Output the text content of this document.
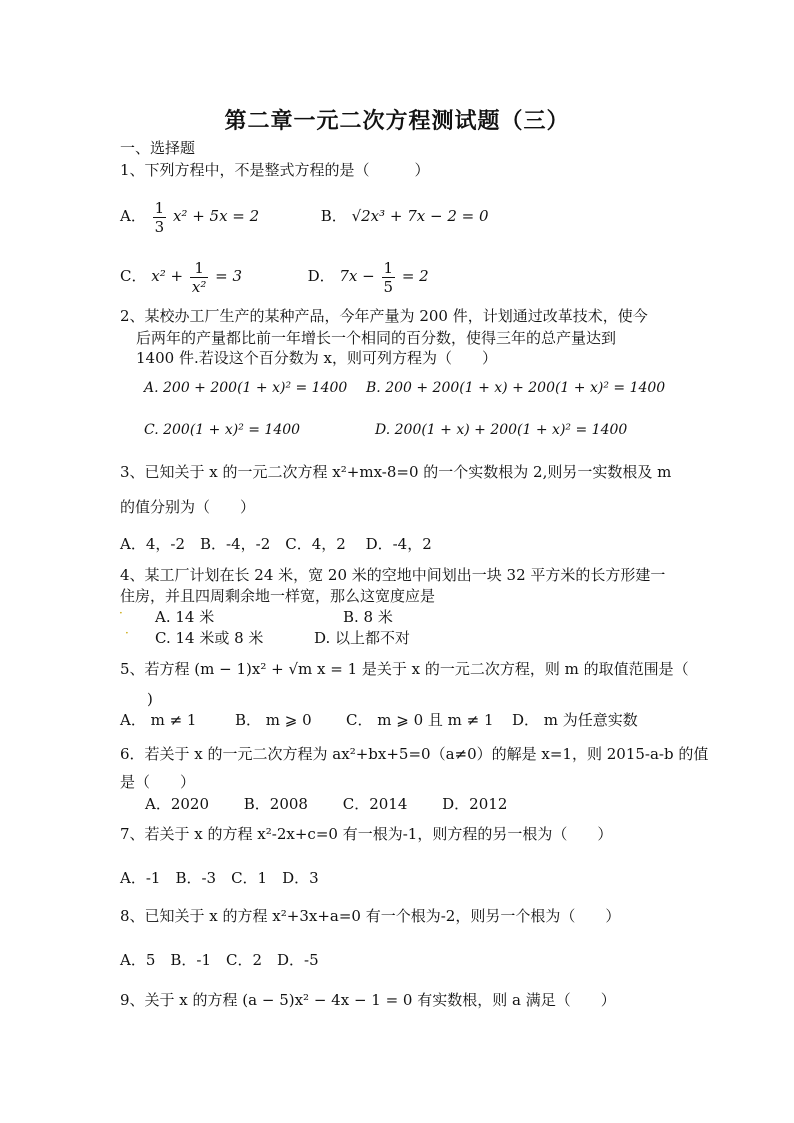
第二章一元二次方程测试题（三）
一、选择题
1、下列方程中，不是整式方程的是（　　　）
A． $\frac{1}{3} x^2 + 5x = 2$	B． √2x³ + 7x − 2 = 0
C． $x^2 + \frac{1}{\text{x²}} = 3$	D． $7x - \frac{1}{5} = 2$
2、某校办工厂生产的某种产品，今年产量为 200 件，计划通过改革技术，使今
后两年的产量都比前一年增长一个相同的百分数，使得三年的总产量达到
1400 件.若设这个百分数为 x，则可列方程为（　　）
A. 200 + 200(1 + x)² = 1400 B. 200 + 200(1 + x) + 200(1 + x)² = 1400
C. 200(1 + x)² = 1400	D. 200(1 + x) + 200(1 + x)² = 1400
3、已知关于 x 的一元二次方程 x²+mx-8=0 的一个实数根为 2,则另一实数根及 m
的值分别为（　　）
A．4，-2　B．-4，-2　C．4，2　 D．-4，2
4、某工厂计划在长 24 米，宽 20 米的空地中间划出一块 32 平方米的长方形建一
住房，并且四周剩余地一样宽，那么这宽度应是
· A. 14 米	B. 8 米
· C. 14 米或 8 米	D. 以上都不对
5、若方程 (m − 1)x² + √m x = 1 是关于 x 的一元二次方程，则 m 的取值范围是（
)
A． m ≠ 1	B． m ⩾ 0 C． m ⩾ 0 且 m ≠ 1 D． m 为任意实数
6．若关于 x 的一元二次方程为 ax²+bx+5=0（a≠0）的解是 x=1，则 2015-a-b 的值
是（　　）
A．2020　　 B．2008　　 C．2014　　 D．2012
7、若关于 x 的方程 x²-2x+c=0 有一根为-1，则方程的另一根为（　　）
A．-1　B．-3　C．1　D．3
8、已知关于 x 的方程 x²+3x+a=0 有一个根为-2，则另一个根为（　　）
A．5　B．-1　C．2　D．-5
9、关于 x 的方程 (a − 5)x² − 4x − 1 = 0 有实数根，则 a 满足（　　）
